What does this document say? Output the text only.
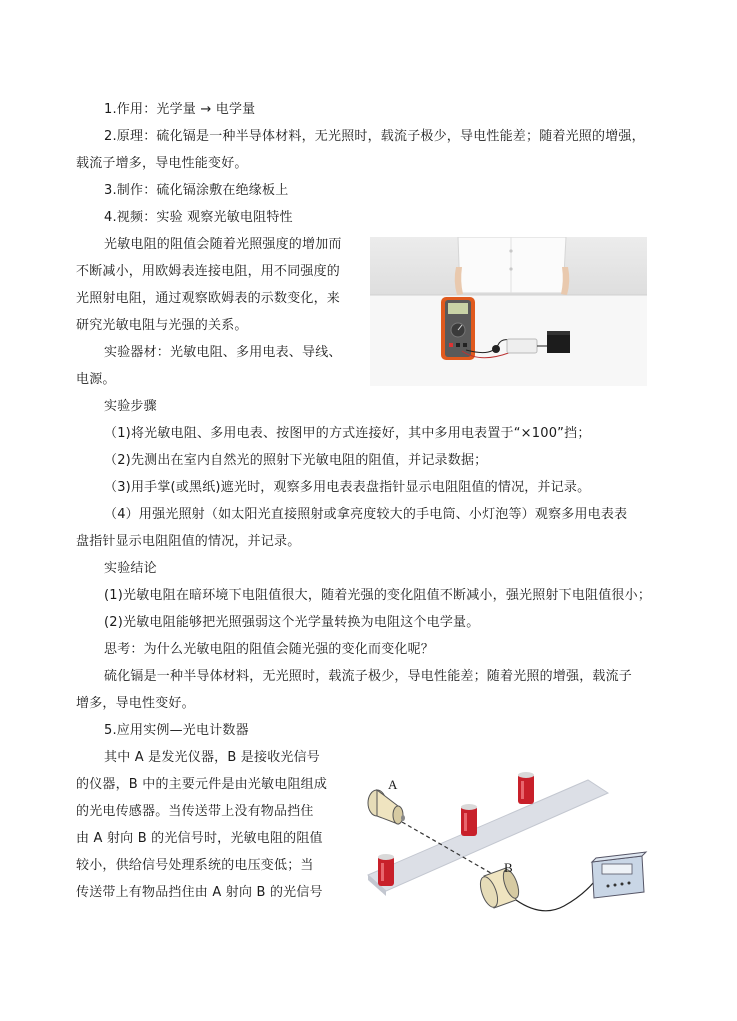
1.作用：光学量 → 电学量
2.原理：硫化镉是一种半导体材料，无光照时，载流子极少，导电性能差；随着光照的增强，
载流子增多，导电性能变好。
3.制作：硫化镉涂敷在绝缘板上
4.视频：实验 观察光敏电阻特性
光敏电阻的阻值会随着光照强度的增加而
不断减小，用欧姆表连接电阻，用不同强度的
光照射电阻，通过观察欧姆表的示数变化，来
研究光敏电阻与光强的关系。
实验器材：光敏电阻、多用电表、导线、
电源。
实验步骤
（1)将光敏电阻、多用电表、按图甲的方式连接好，其中多用电表置于“×100”挡；
（2)先测出在室内自然光的照射下光敏电阻的阻值，并记录数据；
（3)用手掌(或黑纸)遮光时，观察多用电表表盘指针显示电阻阻值的情况，并记录。
（4）用强光照射（如太阳光直接照射或拿亮度较大的手电筒、小灯泡等）观察多用电表表
盘指针显示电阻阻值的情况，并记录。
实验结论
(1)光敏电阻在暗环境下电阻值很大，随着光强的变化阻值不断减小，强光照射下电阻值很小；
(2)光敏电阻能够把光照强弱这个光学量转换为电阻这个电学量。
思考：为什么光敏电阻的阻值会随光强的变化而变化呢？
硫化镉是一种半导体材料，无光照时，载流子极少，导电性能差；随着光照的增强，载流子
增多，导电性变好。
5.应用实例—光电计数器
其中 A 是发光仪器，B 是接收光信号
的仪器，B 中的主要元件是由光敏电阻组成
的光电传感器。当传送带上没有物品挡住
由 A 射向 B 的光信号时，光敏电阻的阻值
较小，供给信号处理系统的电压变低；当
传送带上有物品挡住由 A 射向 B 的光信号
A
B
